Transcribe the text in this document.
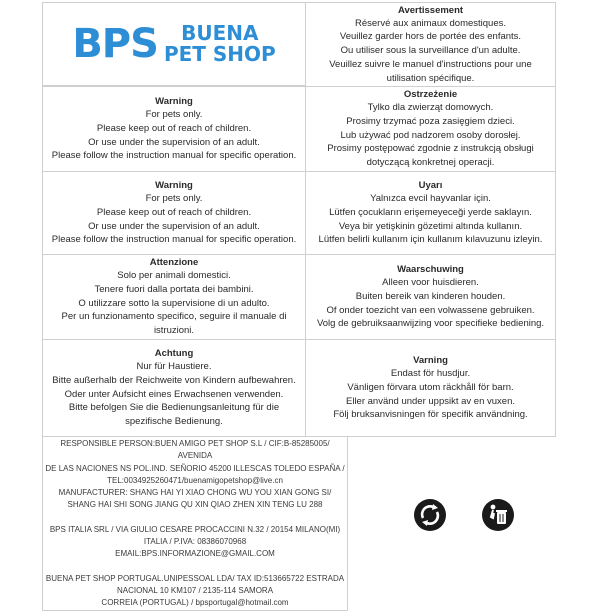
BPS	BUENA
PET SHOP
Avertissement
Réservé aux animaux domestiques.
Veuillez garder hors de portée des enfants.
Ou utiliser sous la surveillance d'un adulte.
Veuillez suivre le manuel d'instructions pour une
utilisation spécifique.
Warning
For pets only.
Please keep out of reach of children.
Or use under the supervision of an adult.
Please follow the instruction manual for specific operation.
Ostrzeżenie
Tylko dla zwierząt domowych.
Prosimy trzymać poza zasięgiem dzieci.
Lub używać pod nadzorem osoby dorosłej.
Prosimy postępować zgodnie z instrukcją obsługi
dotyczącą konkretnej operacji.
Warning
For pets only.
Please keep out of reach of children.
Or use under the supervision of an adult.
Please follow the instruction manual for specific operation.
Uyarı
Yalnızca evcil hayvanlar için.
Lütfen çocukların erişemeyeceği yerde saklayın.
Veya bir yetişkinin gözetimi altında kullanın.
Lütfen belirli kullanım için kullanım kılavuzunu izleyin.
Attenzione
Solo per animali domestici.
Tenere fuori dalla portata dei bambini.
O utilizzare sotto la supervisione di un adulto.
Per un funzionamento specifico, seguire il manuale di
istruzioni.
Waarschuwing
Alleen voor huisdieren.
Buiten bereik van kinderen houden.
Of onder toezicht van een volwassene gebruiken.
Volg de gebruiksaanwijzing voor specifieke bediening.
Achtung
Nur für Haustiere.
Bitte außerhalb der Reichweite von Kindern aufbewahren.
Oder unter Aufsicht eines Erwachsenen verwenden.
Bitte befolgen Sie die Bedienungsanleitung für die
spezifische Bedienung.
Varning
Endast för husdjur.
Vänligen förvara utom räckhåll för barn.
Eller använd under uppsikt av en vuxen.
Följ bruksanvisningen för specifik användning.
RESPONSIBLE PERSON:BUEN AMIGO PET SHOP S.L / CIF:B-85285005/ AVENIDA
DE LAS NACIONES NS POL.IND. SEÑORIO 45200 ILLESCAS TOLEDO ESPAÑA /
TEL:0034925260471/buenamigopetshop@live.cn
MANUFACTURER: SHANG HAI YI XIAO CHONG WU YOU XIAN GONG SI/
SHANG HAI SHI SONG JIANG QU XIN QIAO ZHEN XIN TENG LU 288
BPS ITALIA SRL / VIA GIULIO CESARE PROCACCINI N.32 / 20154 MILANO(MI)
ITALIA / P.IVA: 08386070968
EMAIL:BPS.INFORMAZIONE@GMAIL.COM
BUENA PET SHOP PORTUGAL.UNIPESSOAL LDA/ TAX ID:513665722 ESTRADA
NACIONAL 10 KM107 / 2135-114 SAMORA
CORREIA (PORTUGAL) / bpsportugal@hotmail.com
